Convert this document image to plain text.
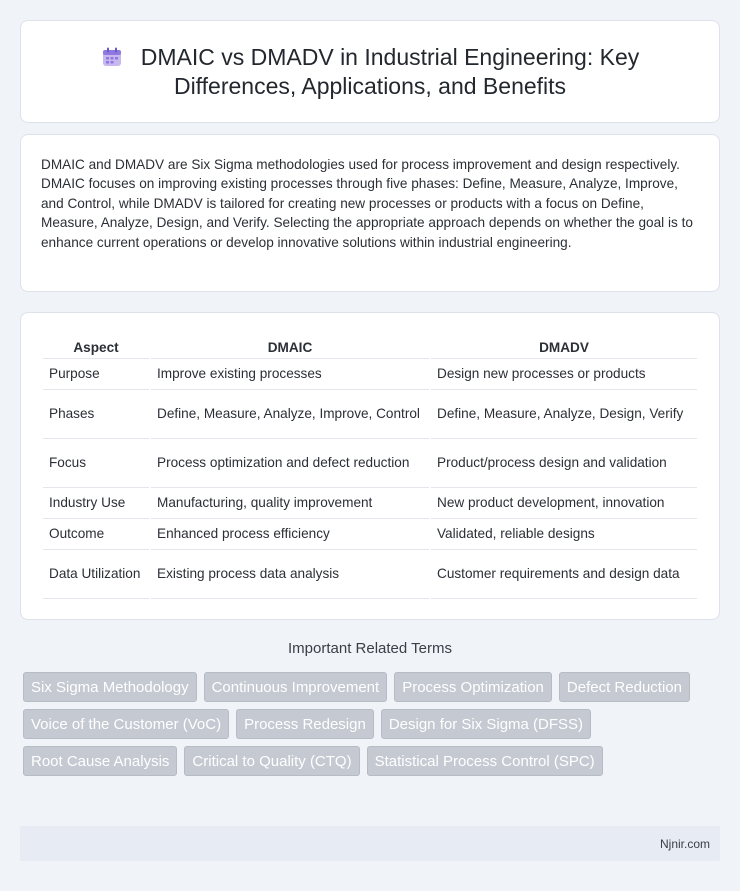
DMAIC vs DMADV in Industrial Engineering: Key Differences, Applications, and Benefits

DMAIC and DMADV are Six Sigma methodologies used for process improvement and design respectively. DMAIC focuses on improving existing processes through five phases: Define, Measure, Analyze, Improve, and Control, while DMADV is tailored for creating new processes or products with a focus on Define, Measure, Analyze, Design, and Verify. Selecting the appropriate approach depends on whether the goal is to enhance current operations or develop innovative solutions within industrial engineering.

Aspect	DMAIC	DMADV
Purpose	Improve existing processes	Design new processes or products
Phases	Define, Measure, Analyze, Improve, Control	Define, Measure, Analyze, Design, Verify
Focus	Process optimization and defect reduction	Product/process design and validation
Industry Use	Manufacturing, quality improvement	New product development, innovation
Outcome	Enhanced process efficiency	Validated, reliable designs
Data Utilization	Existing process data analysis	Customer requirements and design data
Important Related Terms
Six Sigma Methodology	Continuous Improvement	Process Optimization	Defect Reduction
Voice of the Customer (VoC)	Process Redesign	Design for Six Sigma (DFSS)
Root Cause Analysis	Critical to Quality (CTQ)	Statistical Process Control (SPC)
Njnir.com
